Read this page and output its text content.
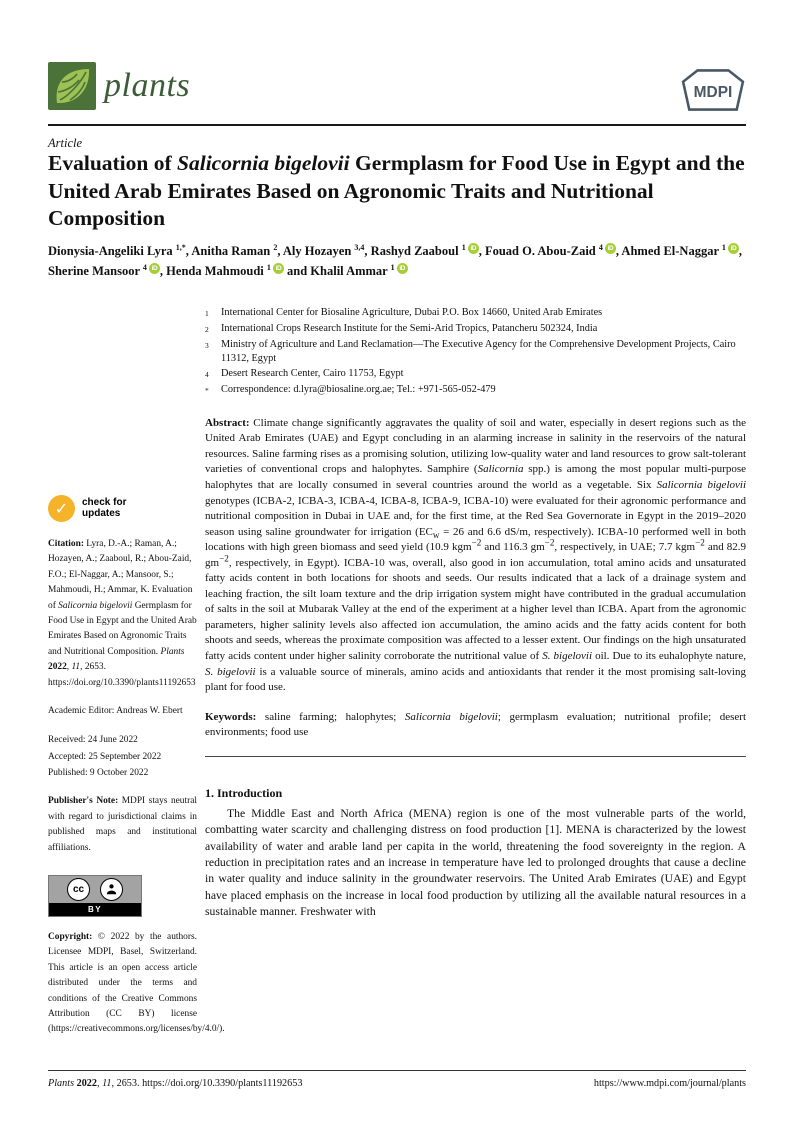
plants	MDPI
Article
Evaluation of Salicornia bigelovii Germplasm for Food Use in Egypt and the United Arab Emirates Based on Agronomic Traits and Nutritional Composition
Dionysia-Angeliki Lyra $^{1,*}$, Anitha Raman $^2$, Aly Hozayen $^{3,4}$, Rashyd Zaaboul $^1$ iD , Fouad O. Abou-Zaid $^4$ iD , Ahmed El-Naggar $^1$ iD , Sherine Mansoor $^4$ iD , Henda Mahmoudi $^1$ iD and Khalil Ammar $^1$ iD
1	International Center for Biosaline Agriculture, Dubai P.O. Box 14660, United Arab Emirates
2	International Crops Research Institute for the Semi-Arid Tropics, Patancheru 502324, India
3	Ministry of Agriculture and Land Reclamation—The Executive Agency for the Comprehensive Development Projects, Cairo 11312, Egypt
4	Desert Research Center, Cairo 11753, Egypt
*	Correspondence: d.lyra@biosaline.org.ae; Tel.: +971-565-052-479
Abstract: Climate change significantly aggravates the quality of soil and water, especially in desert regions such as the United Arab Emirates (UAE) and Egypt concluding in an alarming increase in salinity in the reservoirs of the natural resources. Saline farming rises as a promising solution, utilizing low-quality water and land resources to grow salt-tolerant varieties of conventional crops and halophytes. Samphire (Salicornia spp.) is among the most popular multi-purpose halophytes that are locally consumed in several countries around the world as a vegetable. Six Salicornia bigelovii genotypes (ICBA-2, ICBA-3, ICBA-4, ICBA-8, ICBA-9, ICBA-10) were evaluated for their agronomic performance and nutritional composition in Dubai in UAE and, for the first time, at the Red Sea Governorate in Egypt in the 2019–2020 season using saline groundwater for irrigation ($EC_w = 26$ and 6.6 dS/m, respectively). ICBA-10 performed well in both locations with high green biomass and seed yield (10.9 kgm$^{-2}$ and 116.3 $gm^{-2}$, respectively, in UAE; 7.7 kgm$^{-2}$ and 82.9 $gm^{-2}$, respectively, in Egypt). ICBA-10 was, overall, also good in ion accumulation, total amino acids and unsaturated fatty acids content in both locations for shoots and seeds. Our results indicated that a lack of a drainage system and leaching fraction, the silt loam texture and the drip irrigation system might have contributed in the gradual accumulation of salts in the soil at Mubarak Valley at the end of the experiment at a higher level than ICBA. Apart from the agronomic parameters, higher salinity levels also affected ion accumulation, the amino acids and the fatty acids content for both shoots and seeds, whereas the proximate composition was affected to a lesser extent. Our findings on the high unsaturated fatty acids content under higher salinity corroborate the nutritional value of S. bigelovii oil. Due to its euhalophyte nature, S. bigelovii is a valuable source of minerals, amino acids and antioxidants that render it the most promising salt-loving plant for food use.
Keywords: saline farming; halophytes; Salicornia bigelovii; germplasm evaluation; nutritional profile; desert environments; food use
1. Introduction
The Middle East and North Africa (MENA) region is one of the most vulnerable parts of the world, combatting water scarcity and challenging distress on food production [1]. MENA is characterized by the lowest availability of water and arable land per capita in the world, threatening the food sovereignty in the region. A reduction in precipitation rates and an increase in temperature have led to prolonged droughts that cause a decline in water quality and induce salinity in the groundwater reservoirs. The United Arab Emirates (UAE) and Egypt have placed emphasis on the increase in local food production by utilizing all the available natural resources in a sustainable manner. Freshwater with
✓	check for
updates
Citation: Lyra, D.-A.; Raman, A.; Hozayen, A.; Zaaboul, R.; Abou-Zaid, F.O.; El-Naggar, A.; Mansoor, S.; Mahmoudi, H.; Ammar, K. Evaluation of Salicornia bigelovii Germplasm for Food Use in Egypt and the United Arab Emirates Based on Agronomic Traits and Nutritional Composition. Plants 2022, 11, 2653. https://doi.org/10.3390/plants11192653
Academic Editor: Andreas W. Ebert
Received: 24 June 2022
Accepted: 25 September 2022
Published: 9 October 2022
Publisher's Note: MDPI stays neutral with regard to jurisdictional claims in published maps and institutional affiliations.
cc
BY
Copyright: © 2022 by the authors. Licensee MDPI, Basel, Switzerland. This article is an open access article distributed under the terms and conditions of the Creative Commons Attribution (CC BY) license (https://creativecommons.org/licenses/by/4.0/).
Plants 2022, 11, 2653. https://doi.org/10.3390/plants11192653	https://www.mdpi.com/journal/plants
